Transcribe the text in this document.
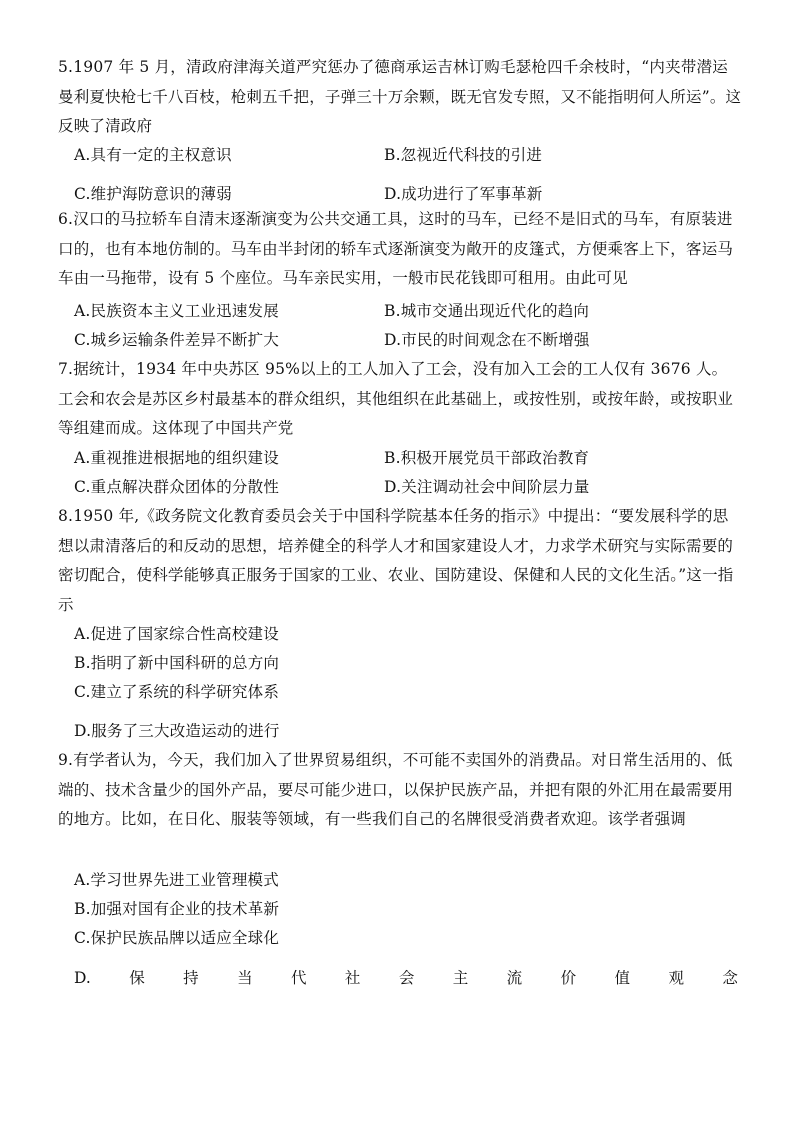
5.1907 年 5 月，清政府津海关道严究惩办了德商承运吉林订购毛瑟枪四千余枝时，“内夹带潜运曼利夏快枪七千八百枝，枪刺五千把，子弹三十万余颗，既无官发专照，又不能指明何人所运”。这反映了清政府
A.具有一定的主权意识	B.忽视近代科技的引进
C.维护海防意识的薄弱	D.成功进行了军事革新
6.汉口的马拉轿车自清末逐渐演变为公共交通工具，这时的马车，已经不是旧式的马车，有原装进口的，也有本地仿制的。马车由半封闭的轿车式逐渐演变为敞开的皮篷式，方便乘客上下，客运马车由一马拖带，设有 5 个座位。马车亲民实用，一般市民花钱即可租用。由此可见
A.民族资本主义工业迅速发展	B.城市交通出现近代化的趋向
C.城乡运输条件差异不断扩大	D.市民的时间观念在不断增强
7.据统计，1934 年中央苏区 95%以上的工人加入了工会，没有加入工会的工人仅有 3676 人。工会和农会是苏区乡村最基本的群众组织，其他组织在此基础上，或按性别，或按年龄，或按职业等组建而成。这体现了中国共产党
A.重视推进根据地的组织建设	B.积极开展党员干部政治教育
C.重点解决群众团体的分散性	D.关注调动社会中间阶层力量
8.1950 年,《政务院文化教育委员会关于中国科学院基本任务的指示》中提出：“要发展科学的思想以肃清落后的和反动的思想，培养健全的科学人才和国家建设人才，力求学术研究与实际需要的密切配合，使科学能够真正服务于国家的工业、农业、国防建设、保健和人民的文化生活。”这一指示
A.促进了国家综合性高校建设
B.指明了新中国科研的总方向
C.建立了系统的科学研究体系
D.服务了三大改造运动的进行
9.有学者认为，今天，我们加入了世界贸易组织，不可能不卖国外的消费品。对日常生活用的、低端的、技术含量少的国外产品，要尽可能少进口，以保护民族产品，并把有限的外汇用在最需要用的地方。比如，在日化、服装等领域，有一些我们自己的名牌很受消费者欢迎。该学者强调
A.学习世界先进工业管理模式
B.加强对国有企业的技术革新
C.保护民族品牌以适应全球化
D. 保 持 当 代 社 会 主 流 价 值 观 念
